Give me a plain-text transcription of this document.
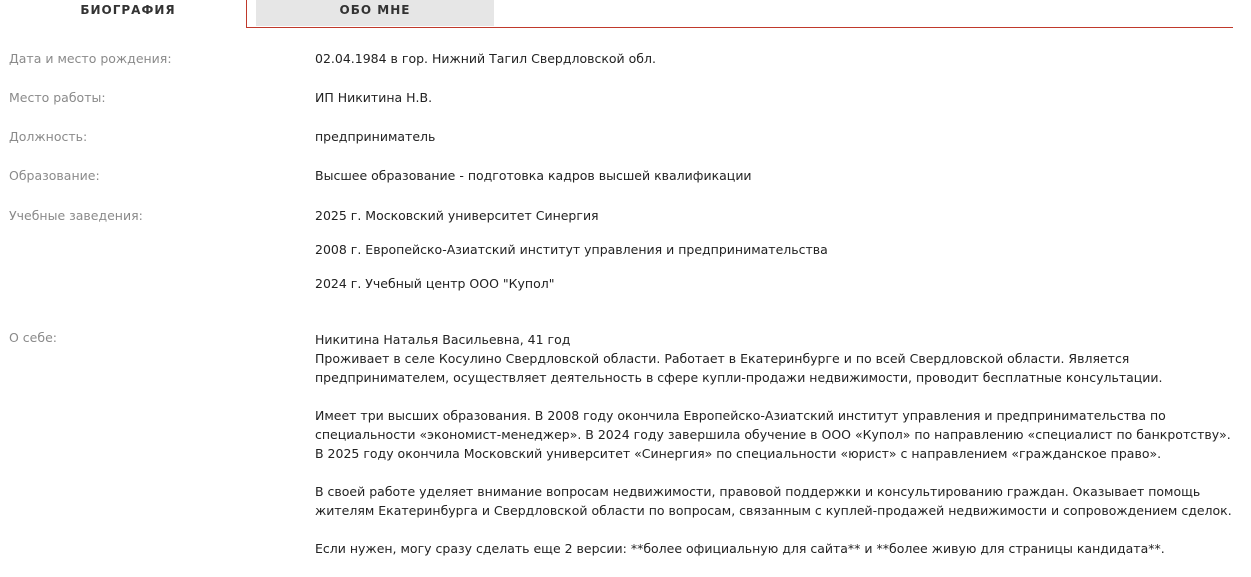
БИОГРАФИЯ	ОБО МНЕ
Дата и место рождения:	02.04.1984 в гор. Нижний Тагил Свердловской обл.
Место работы:	ИП Никитина Н.В.
Должность:	предприниматель
Образование:	Высшее образование - подготовка кадров высшей квалификации
Учебные заведения:	2025 г. Московский университет Синергия
2008 г. Европейско-Азиатский институт управления и предпринимательства
2024 г. Учебный центр ООО "Купол"
О себе:	Никитина Наталья Васильевна, 41 год

Проживает в селе Косулино Свердловской области. Работает в Екатеринбурге и по всей Свердловской области. Является предпринимателем, осуществляет деятельность в сфере купли-продажи недвижимости, проводит бесплатные консультации.

Имеет три высших образования. В 2008 году окончила Европейско-Азиатский институт управления и предпринимательства по специальности «экономист-менеджер». В 2024 году завершила обучение в ООО «Купол» по направлению «специалист по банкротству». В 2025 году окончила Московский университет «Синергия» по специальности «юрист» с направлением «гражданское право».

В своей работе уделяет внимание вопросам недвижимости, правовой поддержки и консультированию граждан. Оказывает помощь жителям Екатеринбурга и Свердловской области по вопросам, связанным с куплей-продажей недвижимости и сопровождением сделок.

Если нужен, могу сразу сделать еще 2 версии: **более официальную для сайта** и **более живую для страницы кандидата**.
